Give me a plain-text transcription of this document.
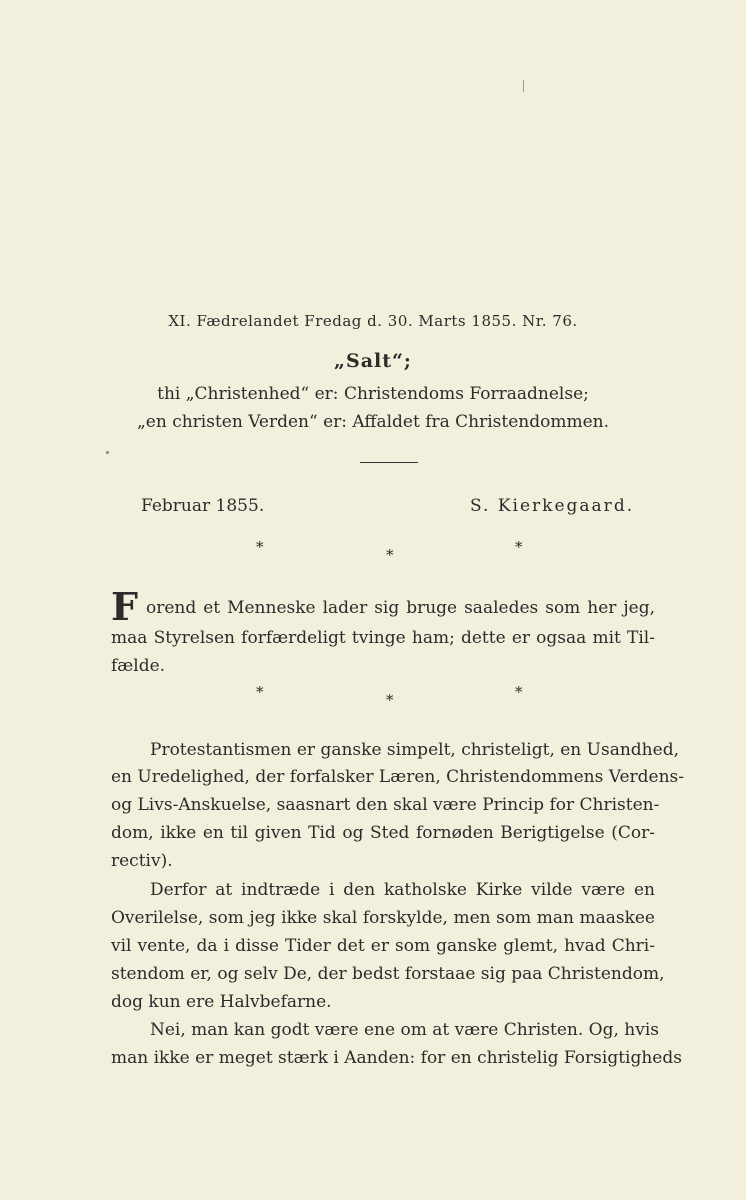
XI. Fædrelandet Fredag d. 30. Marts 1855. Nr. 76.
„Salt“;
thi „Christenhed“ er: Christendoms Forraadnelse;
„en christen Verden“ er: Affaldet fra Christendommen.
Februar 1855.	S. Kierkegaard.
*	*	*
F orend et Menneske lader sig bruge saaledes som her jeg,
maa Styrelsen forfærdeligt tvinge ham; dette er ogsaa mit Til-
fælde.
*	*	*
Protestantismen er ganske simpelt, christeligt, en Usandhed,
en Uredelighed, der forfalsker Læren, Christendommens Verdens-
og Livs-Anskuelse, saasnart den skal være Princip for Christen-
dom, ikke en til given Tid og Sted fornøden Berigtigelse (Cor-
rectiv).
Derfor at indtræde i den katholske Kirke vilde være en
Overilelse, som jeg ikke skal forskylde, men som man maaskee
vil vente, da i disse Tider det er som ganske glemt, hvad Chri-
stendom er, og selv De, der bedst forstaae sig paa Christendom,
dog kun ere Halvbefarne.
Nei, man kan godt være ene om at være Christen. Og, hvis
man ikke er meget stærk i Aanden: for en christelig Forsigtigheds
